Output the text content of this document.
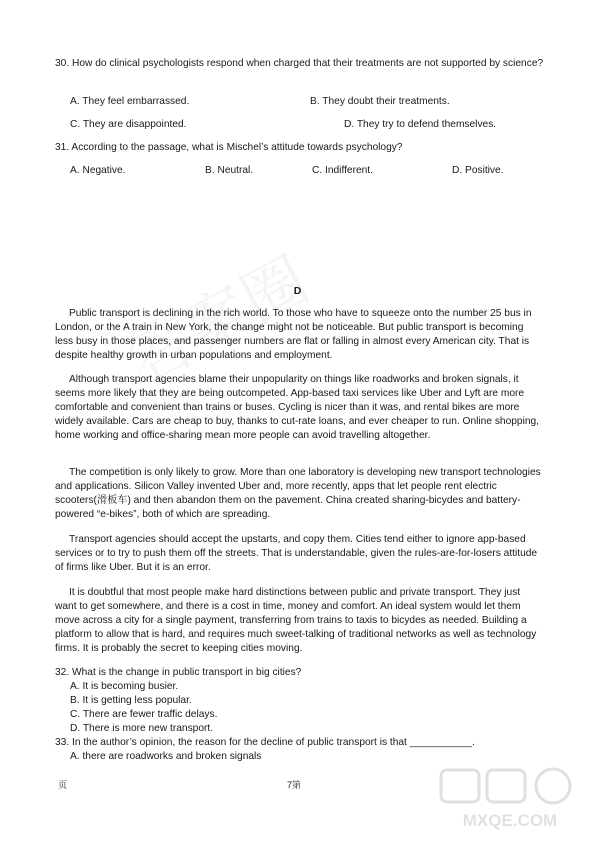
30. How do clinical psychologists respond when charged that their treatments are not supported by science?

A. They feel embarrassed.	B. They doubt their treatments.
C. They are disappointed.	D. They try to defend themselves.

31. According to the passage, what is Mischel’s attitude towards psychology?

A. Negative.	B. Neutral.	C. Indifferent.	D. Positive.
D

Public transport is declining in the rich world. To those who have to squeeze onto the number 25 bus in London, or the A train in New York, the change might not be noticeable. But public transport is becoming less busy in those places, and passenger numbers are flat or falling in almost every American city. That is despite healthy growth in urban populations and employment.

Although transport agencies blame their unpopularity on things like roadworks and broken signals, it seems more likely that they are being outcompeted. App-based taxi services like Uber and Lyft are more comfortable and convenient than trains or buses. Cycling is nicer than it was, and rental bikes are more widely available. Cars are cheap to buy, thanks to cut-rate loans, and ever cheaper to run. Online shopping, home working and office-sharing mean more people can avoid travelling altogether.

The competition is only likely to grow. More than one laboratory is developing new transport technologies and applications. Silicon Valley invented Uber and, more recently, apps that let people rent electric scooters(滑板车) and then abandon them on the pavement. China created sharing-bicydes and battery-powered “e-bikes”, both of which are spreading.

Transport agencies should accept the upstarts, and copy them. Cities tend either to ignore app-based services or to try to push them off the streets. That is understandable, given the rules-are-for-losers attitude of firms like Uber. But it is an error.

It is doubtful that most people make hard distinctions between public and private transport. They just want to get somewhere, and there is a cost in time, money and comfort. An ideal system would let them move across a city for a single payment, transferring from trains to taxis to bicydes as needed. Building a platform to allow that is hard, and requires much sweet-talking of traditional networks as well as technology firms. It is probably the secret to keeping cities moving.

32. What is the change in public transport in big cities?
A. It is becoming busier.
B. It is getting less popular.
C. There are fewer traffic delays.
D. There is more new transport.
33. In the author’s opinion, the reason for the decline of public transport is that ___________.
A. there are roadworks and broken signals
页	7第
MXQE.COM
